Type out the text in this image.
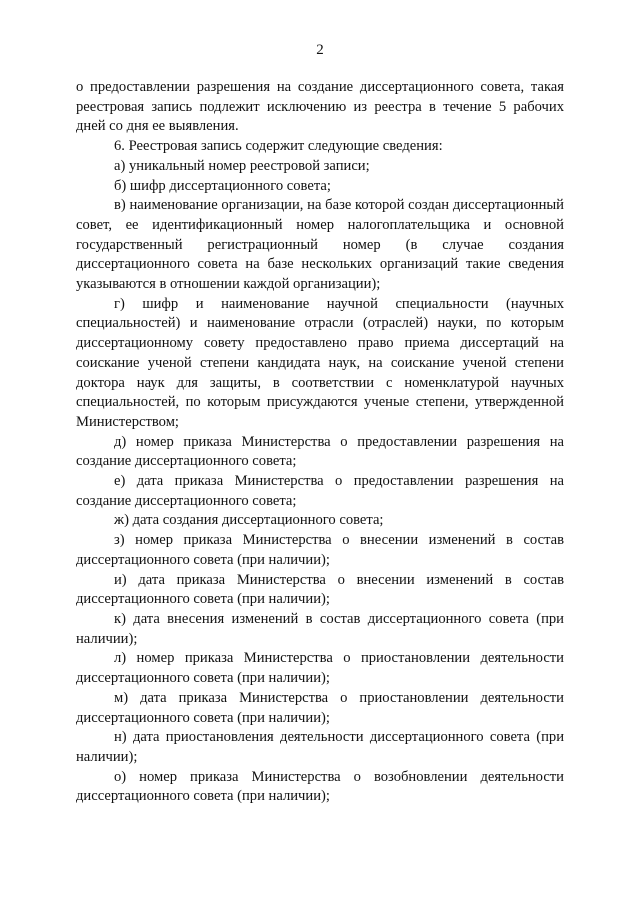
2

о предоставлении разрешения на создание диссертационного совета, такая реестровая запись подлежит исключению из реестра в течение 5 рабочих дней со дня ее выявления.

6. Реестровая запись содержит следующие сведения:

а) уникальный номер реестровой записи;

б) шифр диссертационного совета;

в) наименование организации, на базе которой создан диссертационный совет, ее идентификационный номер налогоплательщика и основной государственный регистрационный номер (в случае создания диссертационного совета на базе нескольких организаций такие сведения указываются в отношении каждой организации);

г) шифр и наименование научной специальности (научных специальностей) и наименование отрасли (отраслей) науки, по которым диссертационному совету предоставлено право приема диссертаций на соискание ученой степени кандидата наук, на соискание ученой степени доктора наук для защиты, в соответствии с номенклатурой научных специальностей, по которым присуждаются ученые степени, утвержденной Министерством;

д) номер приказа Министерства о предоставлении разрешения на создание диссертационного совета;

е) дата приказа Министерства о предоставлении разрешения на создание диссертационного совета;

ж) дата создания диссертационного совета;

з) номер приказа Министерства о внесении изменений в состав диссертационного совета (при наличии);

и) дата приказа Министерства о внесении изменений в состав диссертационного совета (при наличии);

к) дата внесения изменений в состав диссертационного совета (при наличии);

л) номер приказа Министерства о приостановлении деятельности диссертационного совета (при наличии);

м) дата приказа Министерства о приостановлении деятельности диссертационного совета (при наличии);

н) дата приостановления деятельности диссертационного совета (при наличии);

о) номер приказа Министерства о возобновлении деятельности диссертационного совета (при наличии);
